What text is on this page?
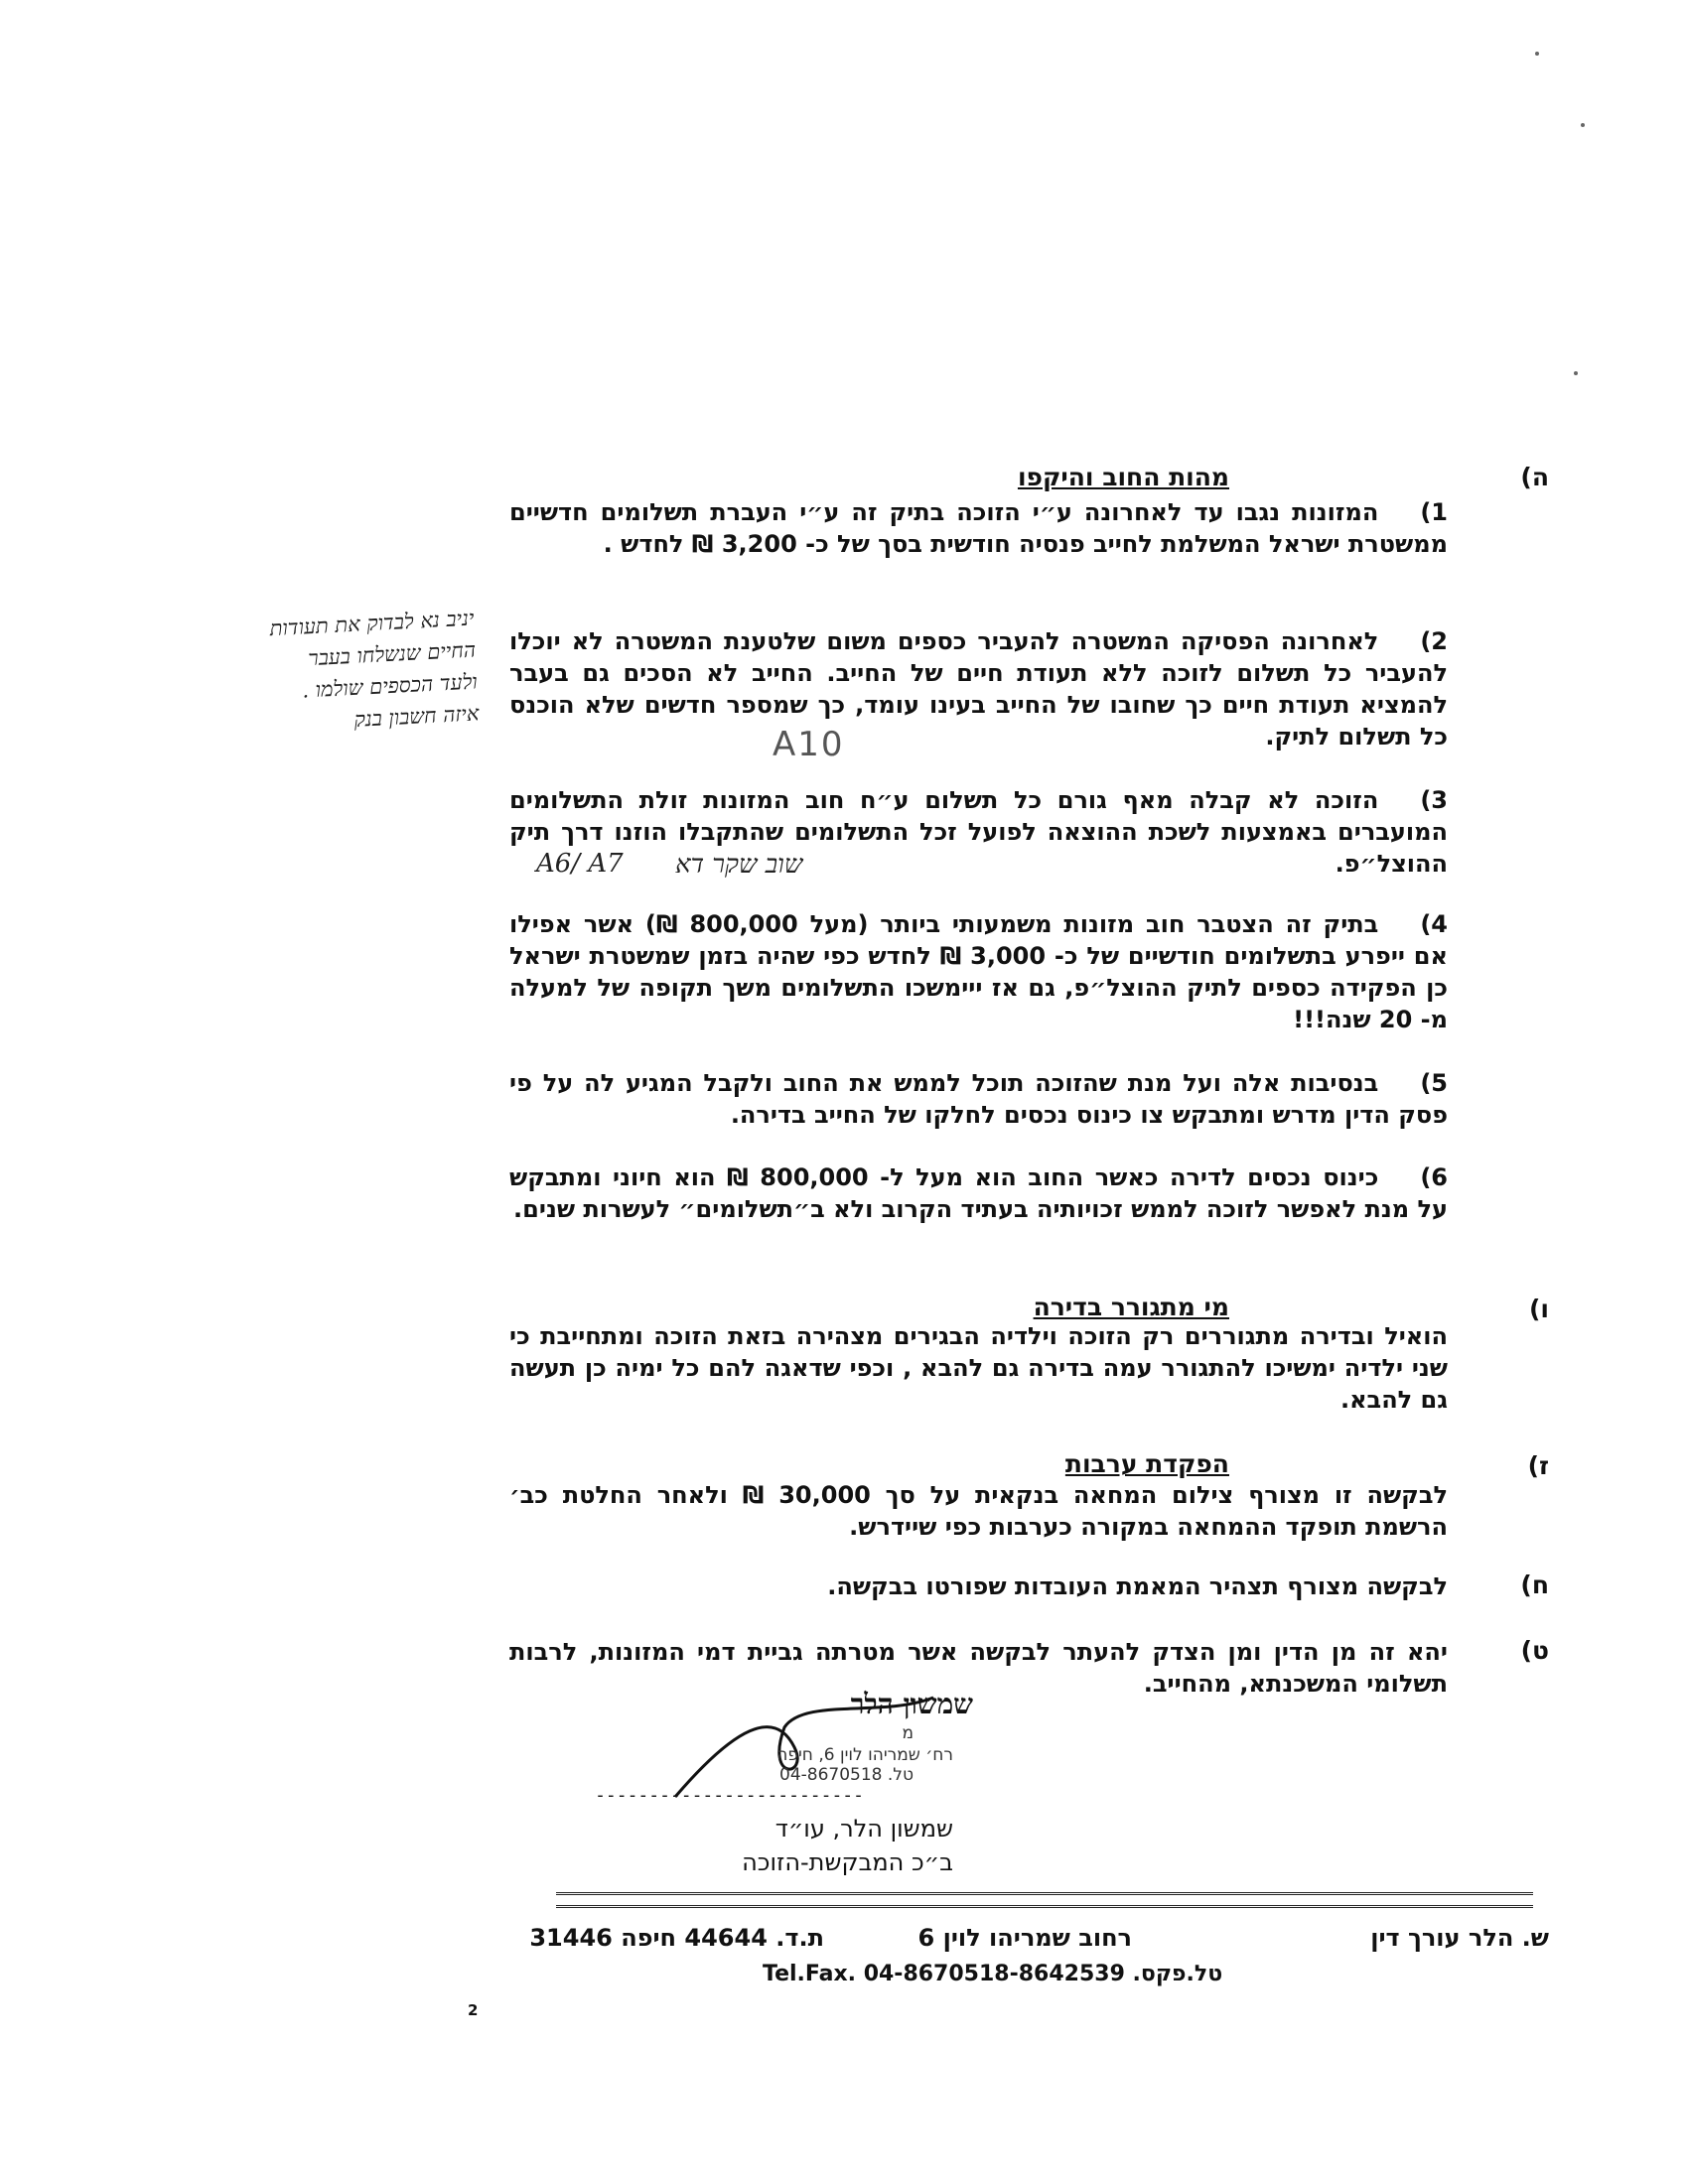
ה)
מהות החוב והיקפו
1)המזונות נגבו עד לאחרונה ע״י הזוכה בתיק זה ע״י העברת תשלומים חדשיים ממשטרת ישראל המשלמת לחייב פנסיה חודשית בסך של כ- 3,200 ₪ לחדש .
2)לאחרונה הפסיקה המשטרה להעביר כספים משום שלטענת המשטרה לא יוכלו להעביר כל תשלום לזוכה ללא תעודת חיים של החייב. החייב לא הסכים גם בעבר להמציא תעודת חיים כך שחובו של החייב בעינו עומד, כך שמספר חדשים שלא הוכנס כל תשלום לתיק.
3)הזוכה לא קבלה מאף גורם כל תשלום ע״ח חוב המזונות זולת התשלומים המועברים באמצעות לשכת ההוצאה לפועל זכל התשלומים שהתקבלו הוזנו דרך תיק ההוצל״פ.
4)בתיק זה הצטבר חוב מזונות משמעותי ביותר (מעל 800,000 ₪) אשר אפילו אם ייפרע בתשלומים חודשיים של כ- 3,000 ₪ לחדש כפי שהיה בזמן שמשטרת ישראל כן הפקידה כספים לתיק ההוצל״פ, גם אז ייימשכו התשלומים משך תקופה של למעלה מ- 20 שנה!!!
5)בנסיבות אלה ועל מנת שהזוכה תוכל לממש את החוב ולקבל המגיע לה על פי פסק הדין מדרש ומתבקש צו כינוס נכסים לחלקו של החייב בדירה.
6)כינוס נכסים לדירה כאשר החוב הוא מעל ל- 800,000 ₪ הוא חיוני ומתבקש על מנת לאפשר לזוכה לממש זכויותיה בעתיד הקרוב ולא ב״תשלומים״ לעשרות שנים.
יניב נא לבדוק את תעודות החיים שנשלחו בעבר ולעד הכספים שולמו . איזה חשבון בנק
A10
שוב שקר דא
A6/ A7
ו)
מי מתגורר בדירה
הואיל ובדירה מתגוררים רק הזוכה וילדיה הבגירים מצהירה בזאת הזוכה ומתחייבת כי שני ילדיה ימשיכו להתגורר עמה בדירה גם להבא , וכפי שדאגה להם כל ימיה כן תעשה גם להבא.
ז)
הפקדת ערבות
לבקשה זו מצורף צילום המחאה בנקאית על סך 30,000 ₪ ולאחר החלטת כב׳ הרשמת תופקד ההמחאה במקורה כערבות כפי שיידרש.
ח)
לבקשה מצורף תצהיר המאמת העובדות שפורטו בבקשה.
ט)
יהא זה מן הדין ומן הצדק להעתר לבקשה אשר מטרתה גביית דמי המזונות, לרבות תשלומי המשכנתא, מהחייב.
שמשון הלר
מ
רח׳ שמריהו לוין 6, חיפה
טל. 04-8670518
-------------------------
שמשון הלר, עו״ד
ב״כ המבקשת-הזוכה
ש. הלר עורך דין
רחוב שמריהו לוין 6
ת.ד. 44644 חיפה 31446
Tel.Fax. 04-8670518-8642539 .טל.פקס
2
